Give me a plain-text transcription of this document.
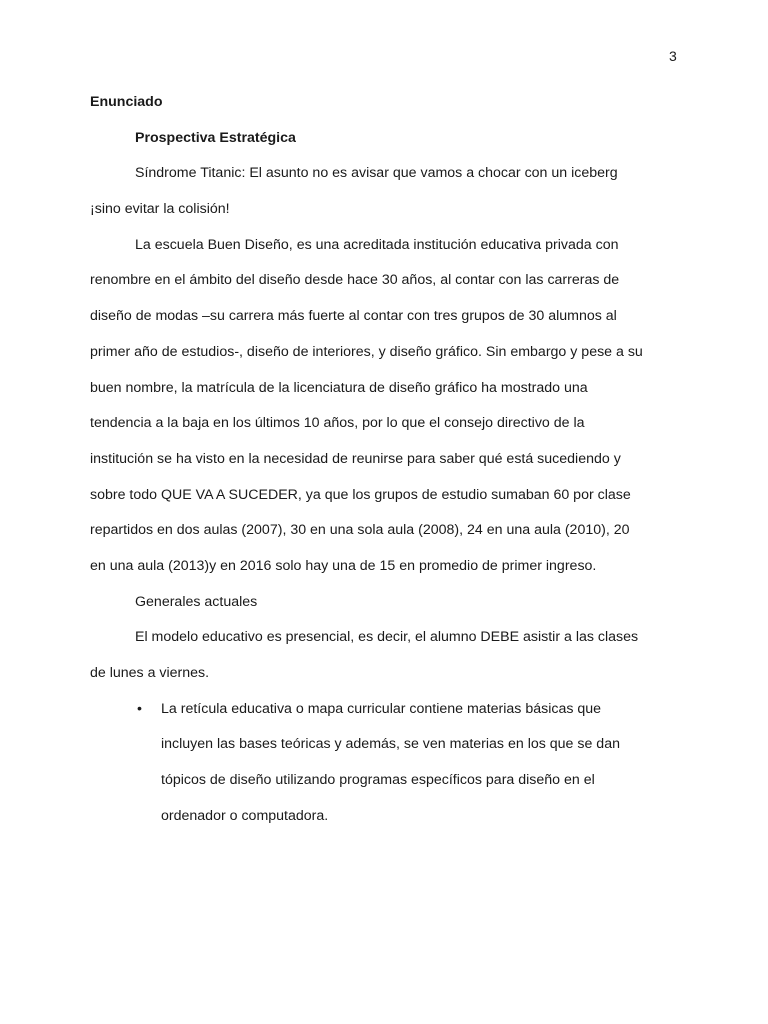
3
Enunciado
Prospectiva Estratégica
Síndrome Titanic: El asunto no es avisar que vamos a chocar con un iceberg
¡sino evitar la colisión!
La escuela Buen Diseño, es una acreditada institución educativa privada con
renombre en el ámbito del diseño desde hace 30 años, al contar con las carreras de
diseño de modas –su carrera más fuerte al contar con tres grupos de 30 alumnos al
primer año de estudios-, diseño de interiores, y diseño gráfico. Sin embargo y pese a su
buen nombre, la matrícula de la licenciatura de diseño gráfico ha mostrado una
tendencia a la baja en los últimos 10 años, por lo que el consejo directivo de la
institución se ha visto en la necesidad de reunirse para saber qué está sucediendo y
sobre todo QUE VA A SUCEDER, ya que los grupos de estudio sumaban 60 por clase
repartidos en dos aulas (2007), 30 en una sola aula (2008), 24 en una aula (2010), 20
en una aula (2013)y en 2016 solo hay una de 15 en promedio de primer ingreso.
Generales actuales
El modelo educativo es presencial, es decir, el alumno DEBE asistir a las clases
de lunes a viernes.
• La retícula educativa o mapa curricular contiene materias básicas que
incluyen las bases teóricas y además, se ven materias en los que se dan
tópicos de diseño utilizando programas específicos para diseño en el
ordenador o computadora.
